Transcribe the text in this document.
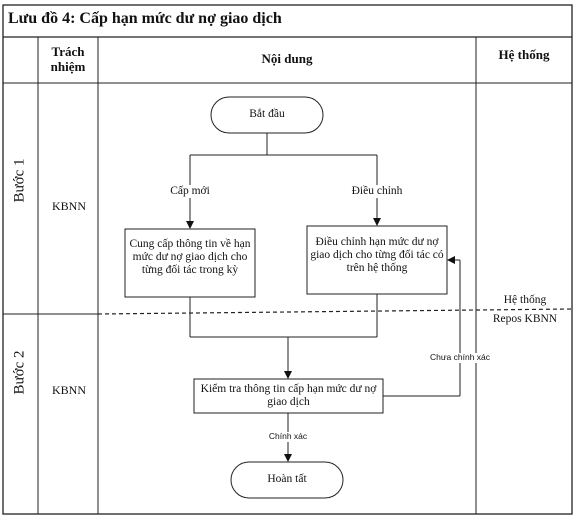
Lưu đồ 4: Cấp hạn mức dư nợ giao dịch
Trách nhiệm
Nội dung	Hệ thống
Bước 1
Bước 2
KBNN
KBNN
Bắt đầu
Cung cấp thông tin về hạn mức dư nợ giao dịch cho từng đối tác trong kỳ
Điều chỉnh hạn mức dư nợ giao dịch cho từng đối tác có trên hệ thống
Kiểm tra thông tin cấp hạn mức dư nợ giao dịch
Hoàn tất
Cấp mới	Điều chỉnh
Chưa chính xác
Chính xác
Hệ thống
Repos KBNN
